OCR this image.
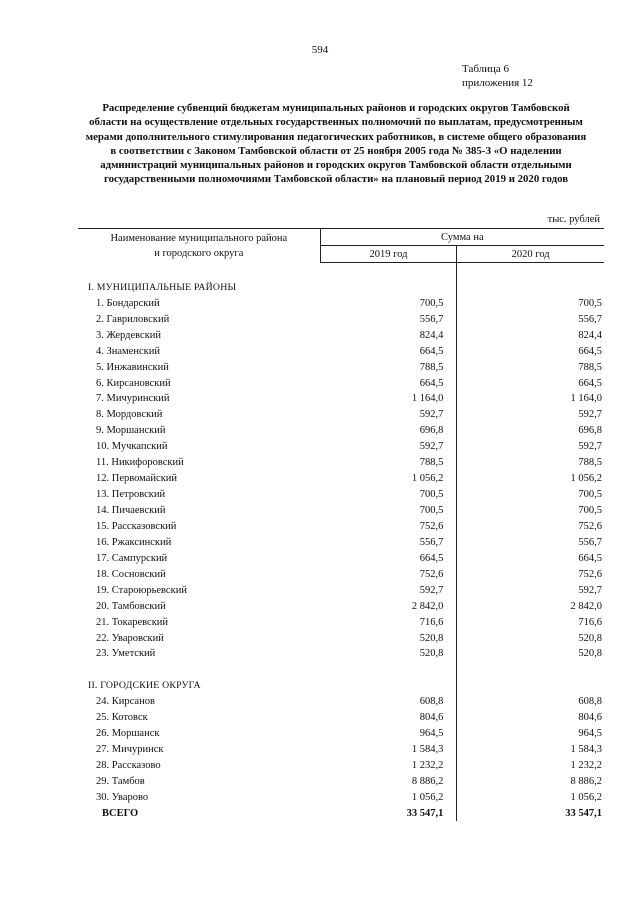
594
Таблица 6
приложения 12
Распределение субвенций бюджетам муниципальных районов и городских округов Тамбовской области на осуществление отдельных государственных полномочий по выплатам, предусмотренным мерами дополнительного стимулирования педагогических работников, в системе общего образования в соответствии с Законом Тамбовской области от 25 ноября 2005 года № 385-З «О наделении администраций муниципальных районов и городских округов Тамбовской области отдельными государственными полномочиями Тамбовской области» на плановый период 2019 и 2020 годов
тыс. рублей
Наименование муниципального района
и городского округа	Сумма на	
	2019 год	2020 год

I. МУНИЦИПАЛЬНЫЕ РАЙОНЫ		
1. Бондарский	700,5	700,5
2. Гавриловский	556,7	556,7
3. Жердевский	824,4	824,4
4. Знаменский	664,5	664,5
5. Инжавинский	788,5	788,5
6. Кирсановский	664,5	664,5
7. Мичуринский	1 164,0	1 164,0
8. Мордовский	592,7	592,7
9. Моршанский	696,8	696,8
10. Мучкапский	592,7	592,7
11. Никифоровский	788,5	788,5
12. Первомайский	1 056,2	1 056,2
13. Петровский	700,5	700,5
14. Пичаевский	700,5	700,5
15. Рассказовский	752,6	752,6
16. Ржаксинский	556,7	556,7
17. Сампурский	664,5	664,5
18. Сосновский	752,6	752,6
19. Староюрьевский	592,7	592,7
20. Тамбовский	2 842,0	2 842,0
21. Токаревский	716,6	716,6
22. Уваровский	520,8	520,8
23. Уметский	520,8	520,8

II. ГОРОДСКИЕ ОКРУГА		
24. Кирсанов	608,8	608,8
25. Котовск	804,6	804,6
26. Моршанск	964,5	964,5
27. Мичуринск	1 584,3	1 584,3
28. Рассказово	1 232,2	1 232,2
29. Тамбов	8 886,2	8 886,2
30. Уварово	1 056,2	1 056,2
ВСЕГО	33 547,1	33 547,1
